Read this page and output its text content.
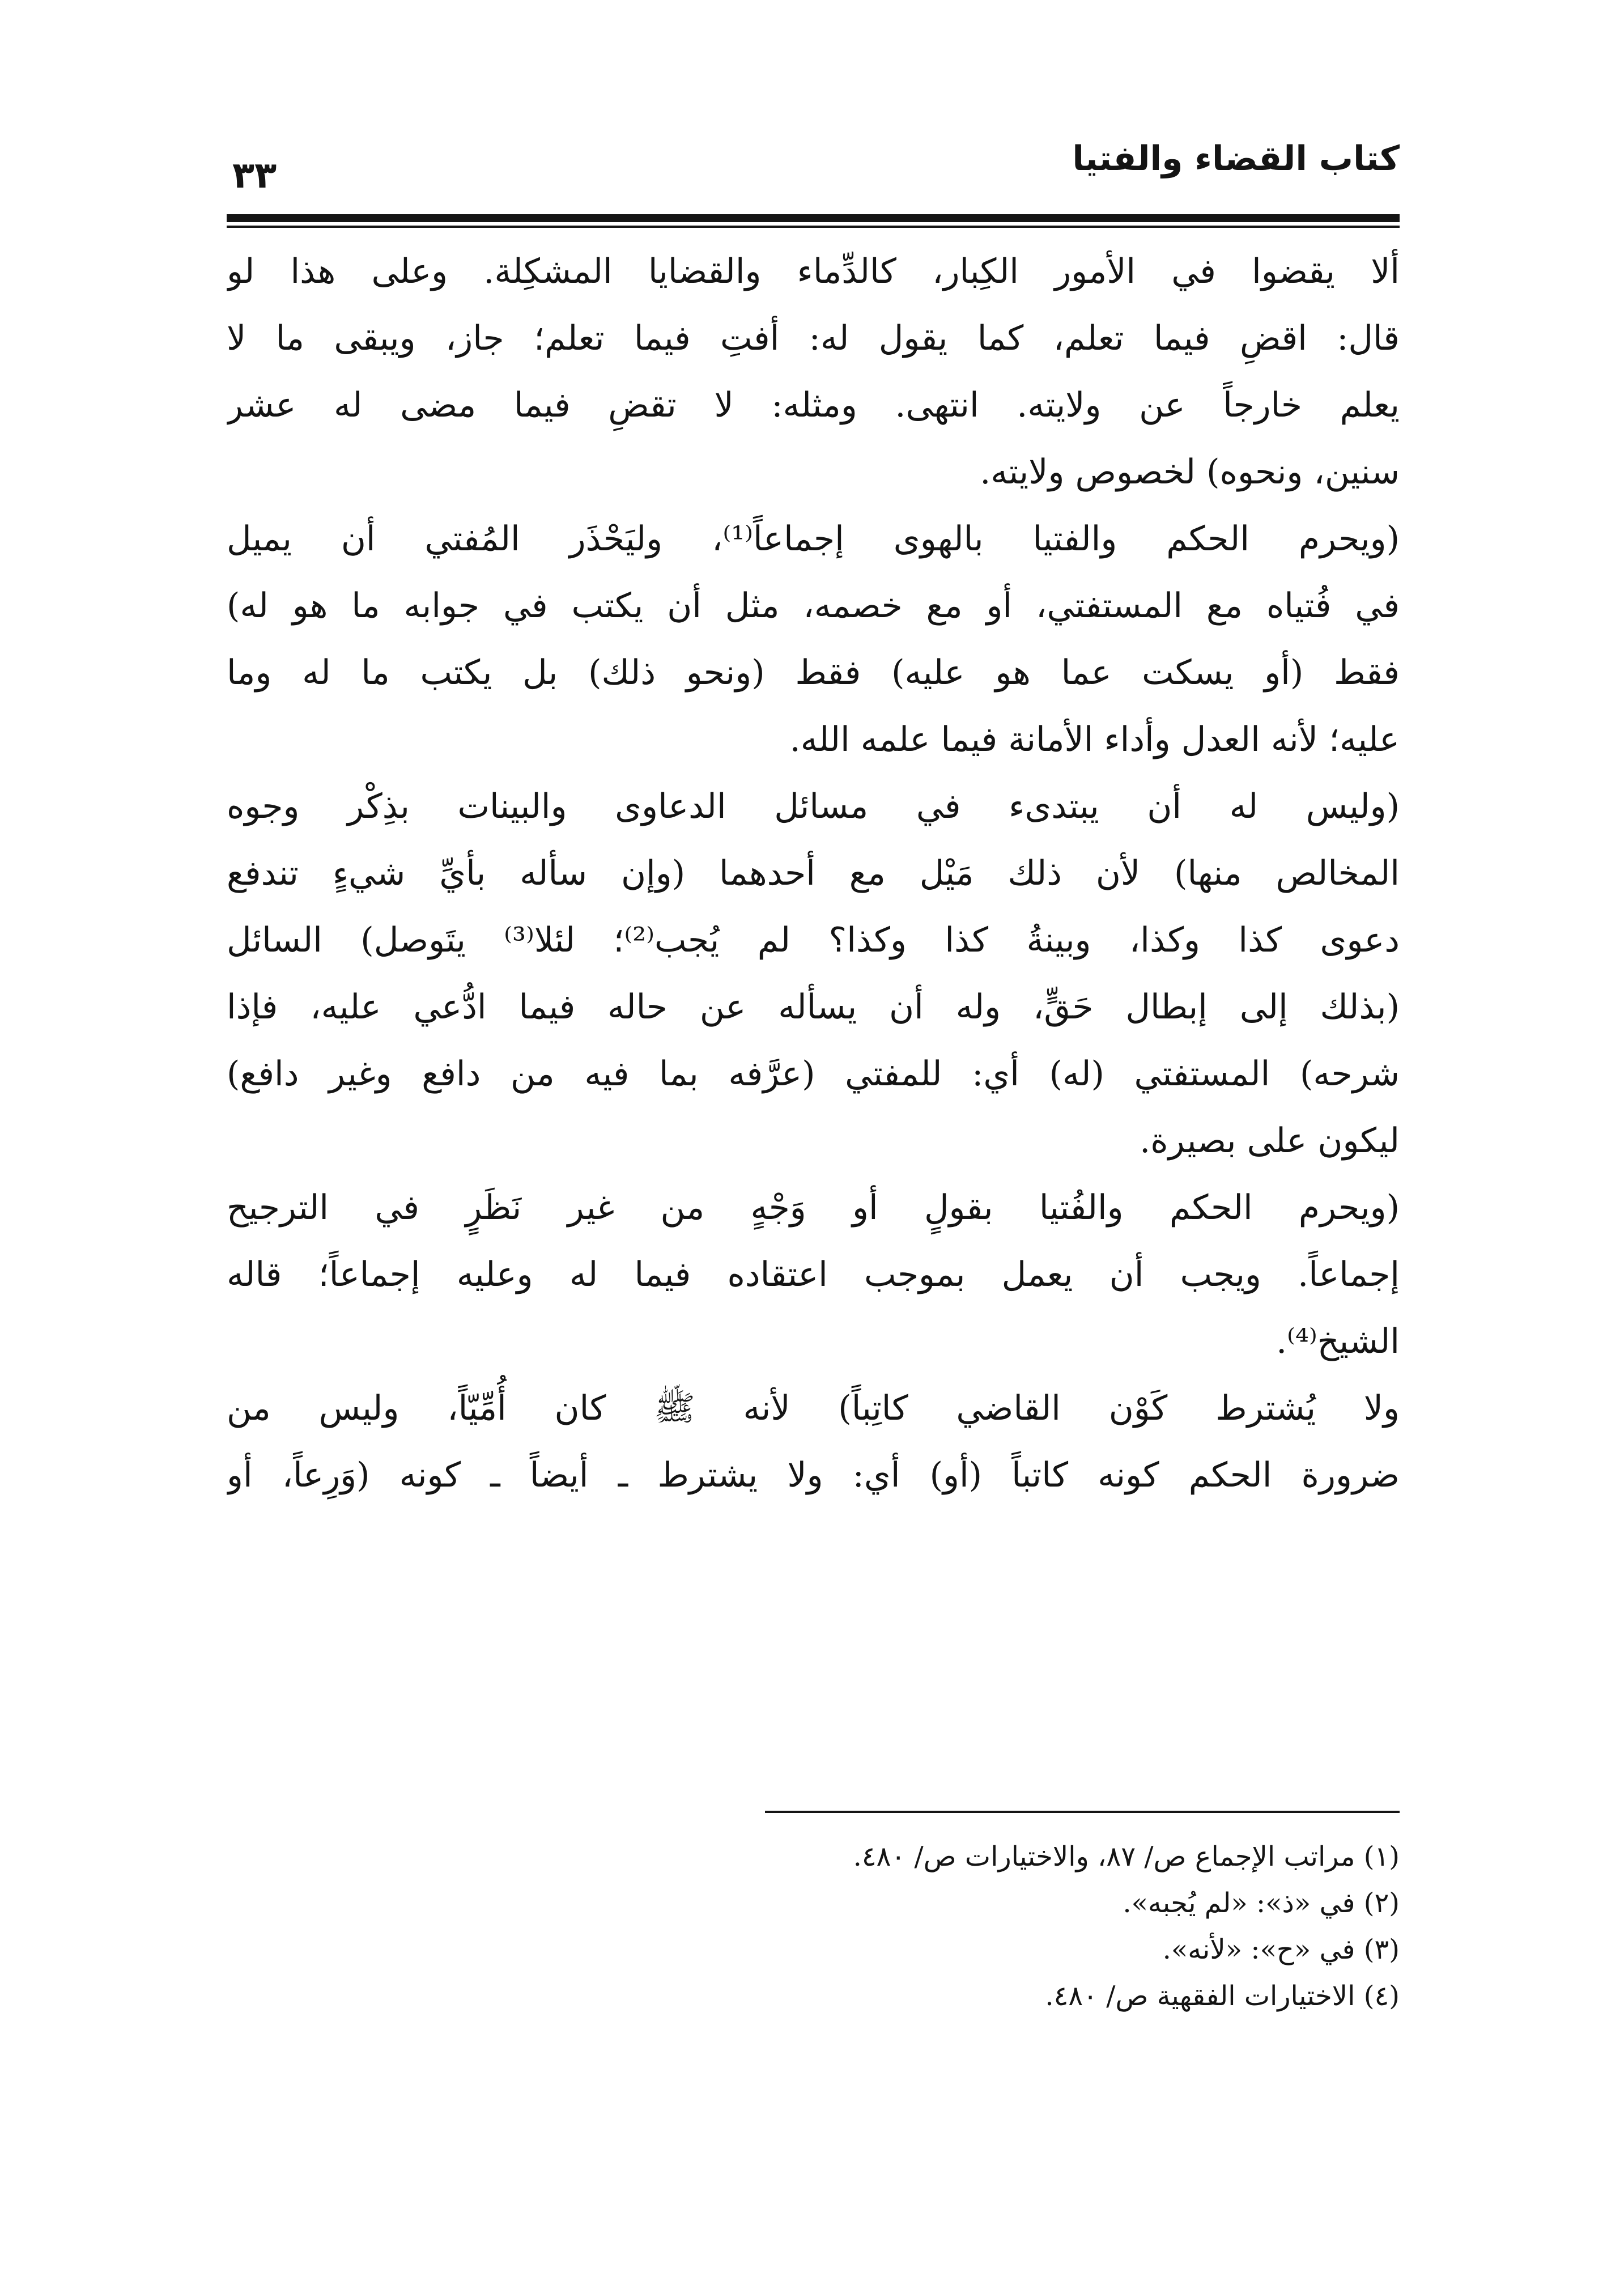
كتاب القضاء والفتيا
٣٣
ألا يقضوا في الأمور الكِبار، كالدِّماء والقضايا المشكِلة. وعلى هذا لو
قال: اقضِ فيما تعلم، كما يقول له: أفتِ فيما تعلم؛ جاز، ويبقى ما لا
يعلم خارجاً عن ولايته. انتهى. ومثله: لا تقضِ فيما مضى له عشر
سنين، ونحوه) لخصوص ولايته.
(ويحرم الحكم والفتيا بالهوى إجماعاً⁽¹⁾، وليَحْذَر المُفتي أن يميل
في فُتياه مع المستفتي، أو مع خصمه، مثل أن يكتب في جوابه ما هو له)
فقط (أو يسكت عما هو عليه) فقط (ونحو ذلك) بل يكتب ما له وما
عليه؛ لأنه العدل وأداء الأمانة فيما علمه الله.
(وليس له أن يبتدىء في مسائل الدعاوى والبينات بذِكْر وجوه
المخالص منها) لأن ذلك مَيْل مع أحدهما (وإن سأله بأيِّ شيءٍ تندفع
دعوى كذا وكذا، وبينةُ كذا وكذا؟ لم يُجب⁽²⁾؛ لئلا⁽³⁾ يتَوصل) السائل
(بذلك إلى إبطال حَقٍّ، وله أن يسأله عن حاله فيما ادُّعي عليه، فإذا
شرحه) المستفتي (له) أي: للمفتي (عرَّفه بما فيه من دافع وغير دافع)
ليكون على بصيرة.
(ويحرم الحكم والفُتيا بقولٍ أو وَجْهٍ من غير نَظَرٍ في الترجيح
إجماعاً. ويجب أن يعمل بموجب اعتقاده فيما له وعليه إجماعاً؛ قاله
الشيخ⁽⁴⁾.
ولا يُشترط كَوْن القاضي كاتِباً) لأنه ﷺ كان أُمِّيّاً، وليس من
ضرورة الحكم كونه كاتباً (أو) أي: ولا يشترط ـ أيضاً ـ كونه (وَرِعاً، أو
(١) مراتب الإجماع ص/ ٨٧، والاختيارات ص/ ٤٨٠.
(٢) في «ذ»: «لم يُجبه».
(٣) في «ح»: «لأنه».
(٤) الاختيارات الفقهية ص/ ٤٨٠.
